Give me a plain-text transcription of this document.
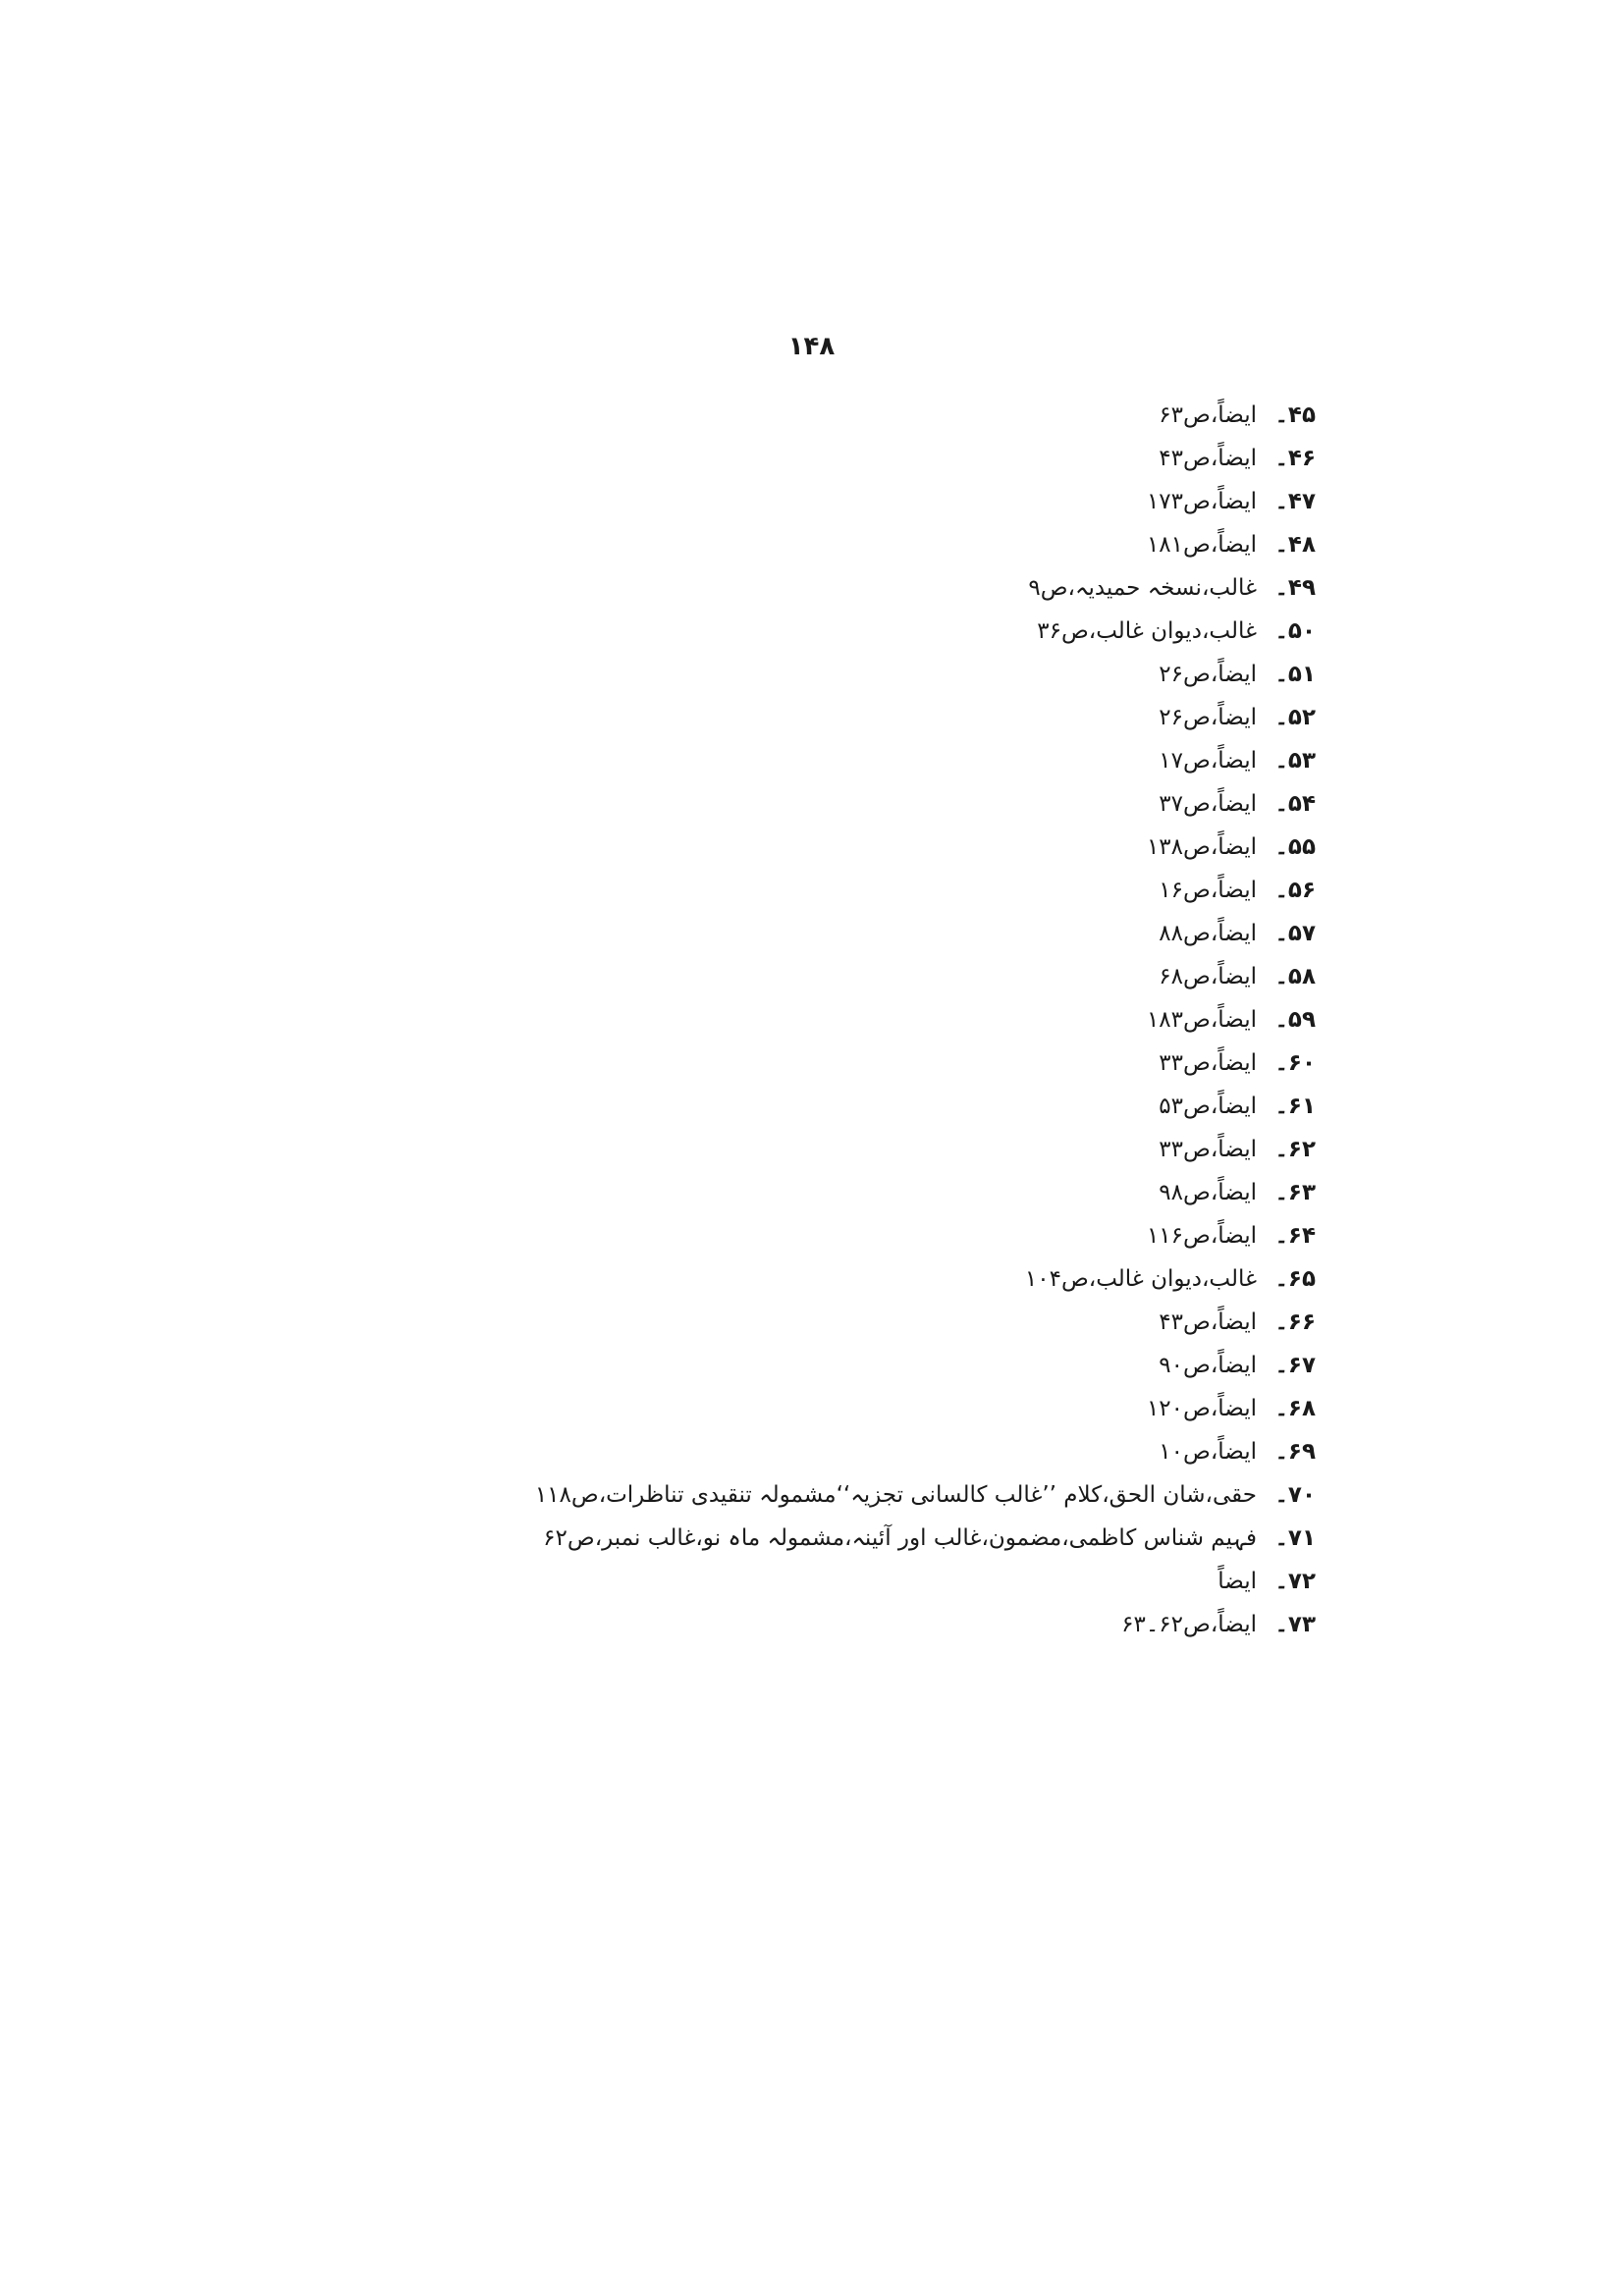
۱۴۸
۴۵۔
ایضاً،ص۶۳
۴۶۔
ایضاً،ص۴۳
۴۷۔
ایضاً،ص۱۷۳
۴۸۔
ایضاً،ص۱۸۱
۴۹۔
غالب،نسخہ حمیدیہ،ص۹
۵۰۔
غالب،دیوان غالب،ص۳۶
۵۱۔
ایضاً،ص۲۶
۵۲۔
ایضاً،ص۲۶
۵۳۔
ایضاً،ص۱۷
۵۴۔
ایضاً،ص۳۷
۵۵۔
ایضاً،ص۱۳۸
۵۶۔
ایضاً،ص۱۶
۵۷۔
ایضاً،ص۸۸
۵۸۔
ایضاً،ص۶۸
۵۹۔
ایضاً،ص۱۸۳
۶۰۔
ایضاً،ص۳۳
۶۱۔
ایضاً،ص۵۳
۶۲۔
ایضاً،ص۳۳
۶۳۔
ایضاً،ص۹۸
۶۴۔
ایضاً،ص۱۱۶
۶۵۔
غالب،دیوان غالب،ص۱۰۴
۶۶۔
ایضاً،ص۴۳
۶۷۔
ایضاً،ص۹۰
۶۸۔
ایضاً،ص۱۲۰
۶۹۔
ایضاً،ص۱۰
۷۰۔
حقی،شان الحق،کلام ’’غالب کالسانی تجزیہ‘‘مشمولہ تنقیدی تناظرات،ص۱۱۸
۷۱۔
فہیم شناس کاظمی،مضمون،غالب اور آئینہ،مشمولہ ماہ نو،غالب نمبر،ص۶۲
۷۲۔
ایضاً
۷۳۔
ایضاً،ص۶۲۔۶۳
